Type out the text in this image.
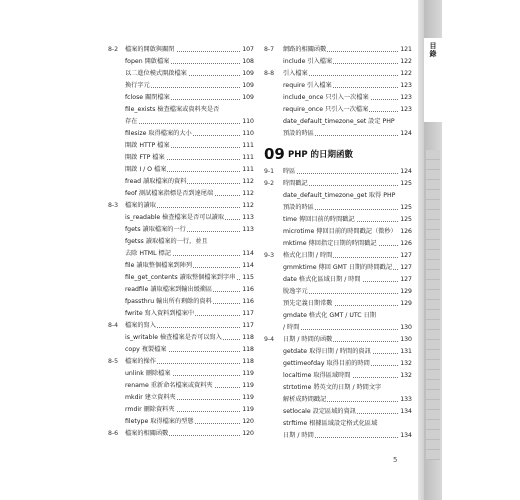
目錄
8-2 檔案的開啟與關閉	107
fopen 開啟檔案	108
以二進位模式開啟檔案	109
換行字元	109
fclose 關閉檔案	109
file_exists 檢查檔案或資料夾是否
存在	110
filesize 取得檔案的大小	110
開啟 HTTP 檔案	111
開啟 FTP 檔案	111
開啟 I / O 檔案	111
fread 讀取檔案的資料	112
feof 測試檔案指標是否到達尾端	112
8-3 檔案的讀取	112
is_readable 檢查檔案是否可以讀取	113
fgets 讀取檔案的一行	113
fgetss 讀取檔案的一行，並且
去除 HTML 標記	114
file 讀取整個檔案到陣列	114
file_get_contents 讀取整個檔案到字串 115
readfile 讀取檔案到輸出緩衝區	116
fpassthru 輸出所有剩餘的資料	116
fwrite 寫入資料到檔案中	117
8-4 檔案的寫入	117
is_writable 檢查檔案是否可以寫入	118
copy 複製檔案	118
8-5 檔案的操作	118
unlink 刪除檔案	119
rename 重新命名檔案或資料夾	119
mkdir 建立資料夾	119
rmdir 刪除資料夾	119
filetype 取得檔案的型態	120
8-6 檔案的相關函數	120
8-7 網路的相關函數	121
include 引入檔案	122
8-8 引入檔案	122
require 引入檔案	123
include_once 只引入一次檔案	123
require_once 只引入一次檔案	123
date_default_timezone_set 設定 PHP
預設的時區	124
09 PHP 的日期函數
9-1 時區	124
9-2 時間戳記	125
date_default_timezone_get 取得 PHP
預設的時區	125
time 傳回目前的時間戳記	125
microtime 傳回目前的時間戳記（微秒） 126
mktime 傳回指定日期的時間戳記	126
9-3 格式化日期 / 時間	127
gmmktime 傳回 GMT 日期的時間戳記 127
date 格式化區域日期 / 時間	127
脫逸字元	129
預先定義日期常數	129
gmdate 格式化 GMT / UTC 日期
/ 時間	130
9-4 日期 / 時間的函數	130
getdate 取得日期 / 時間的資訊	131
gettimeofday 取得目前的時間	132
localtime 取得區域時間	132
strtotime 將英文的日期 / 時間文字
解析成時間戳記	133
setlocale 設定區域的資訊	134
strftime 根據區域設定格式化區域
日期 / 時間	134
5
